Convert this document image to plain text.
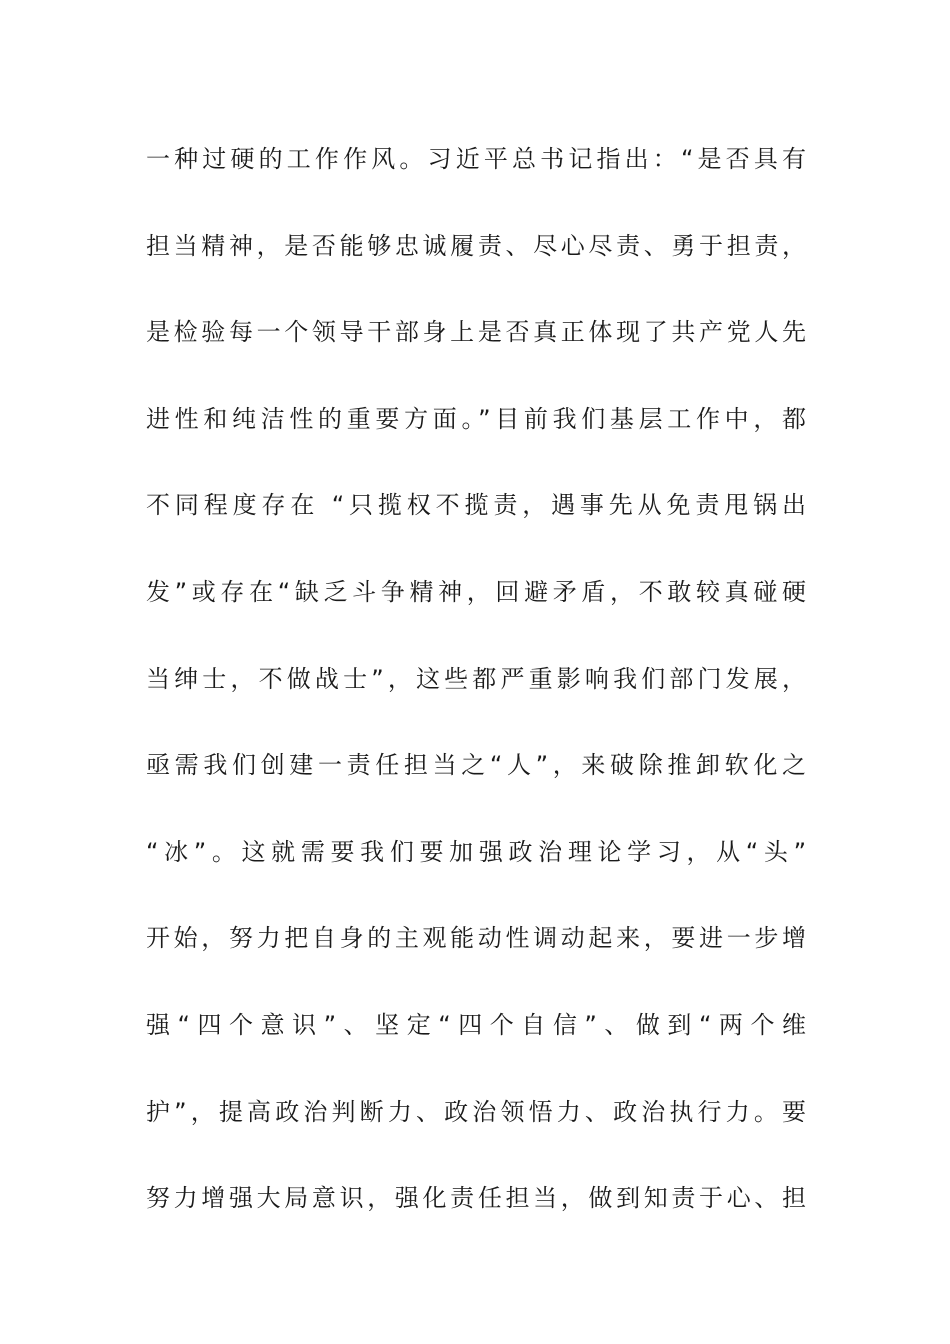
一种过硬的工作作风。习近平总书记指出：“是否具有
担当精神，是否能够忠诚履责、尽心尽责、勇于担责，
是检验每一个领导干部身上是否真正体现了共产党人先
进性和纯洁性的重要方面。”目前我们基层工作中，都
不同程度存在 “只揽权不揽责，遇事先从免责甩锅出
发”或存在“缺乏斗争精神，回避矛盾，不敢较真碰硬
当绅士，不做战士”，这些都严重影响我们部门发展，
亟需我们创建一责任担当之“人”，来破除推卸软化之
“冰”。这就需要我们要加强政治理论学习，从“头”
开始，努力把自身的主观能动性调动起来，要进一步增
强“四个意识”、坚定“四个自信”、做到“两个维
护”，提高政治判断力、政治领悟力、政治执行力。要
努力增强大局意识，强化责任担当，做到知责于心、担
